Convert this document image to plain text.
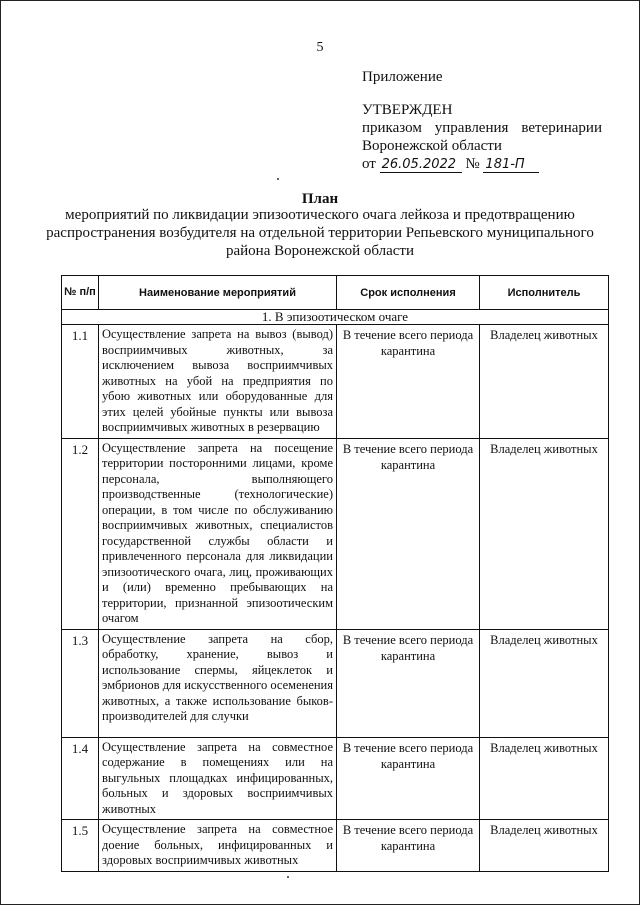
5
Приложение
УТВЕРЖДЕН
приказом управления ветеринарии
Воронежской области
от 26.05.2022 № 181-П
План
мероприятий по ликвидации эпизоотического очага лейкоза и предотвращению распространения возбудителя на отдельной территории Репьевского муниципального района Воронежской области
№ п/п	Наименование мероприятий	Срок исполнения	Исполнитель
1. В эпизоотическом очаге			
1.1	Осуществление запрета на вывоз (вывод) восприимчивых животных, за исключением вывоза восприимчивых животных на убой на предприятия по убою животных или оборудованные для этих целей убойные пункты или вывоза восприимчивых животных в резервацию	В течение всего периода карантина	Владелец животных
1.2	Осуществление запрета на посещение территории посторонними лицами, кроме персонала, выполняющего производственные (технологические) операции, в том числе по обслуживанию восприимчивых животных, специалистов государственной службы области и привлеченного персонала для ликвидации эпизоотического очага, лиц, проживающих и (или) временно пребывающих на территории, признанной эпизоотическим очагом	В течение всего периода карантина	Владелец животных
1.3	Осуществление запрета на сбор, обработку, хранение, вывоз и использование спермы, яйцеклеток и эмбрионов для искусственного осеменения животных, а также использование быков-производителей для случки	В течение всего периода карантина	Владелец животных
1.4	Осуществление запрета на совместное содержание в помещениях или на выгульных площадках инфицированных, больных и здоровых восприимчивых животных	В течение всего периода карантина	Владелец животных
1.5	Осуществление запрета на совместное доение больных, инфицированных и здоровых восприимчивых животных	В течение всего периода карантина	Владелец животных
